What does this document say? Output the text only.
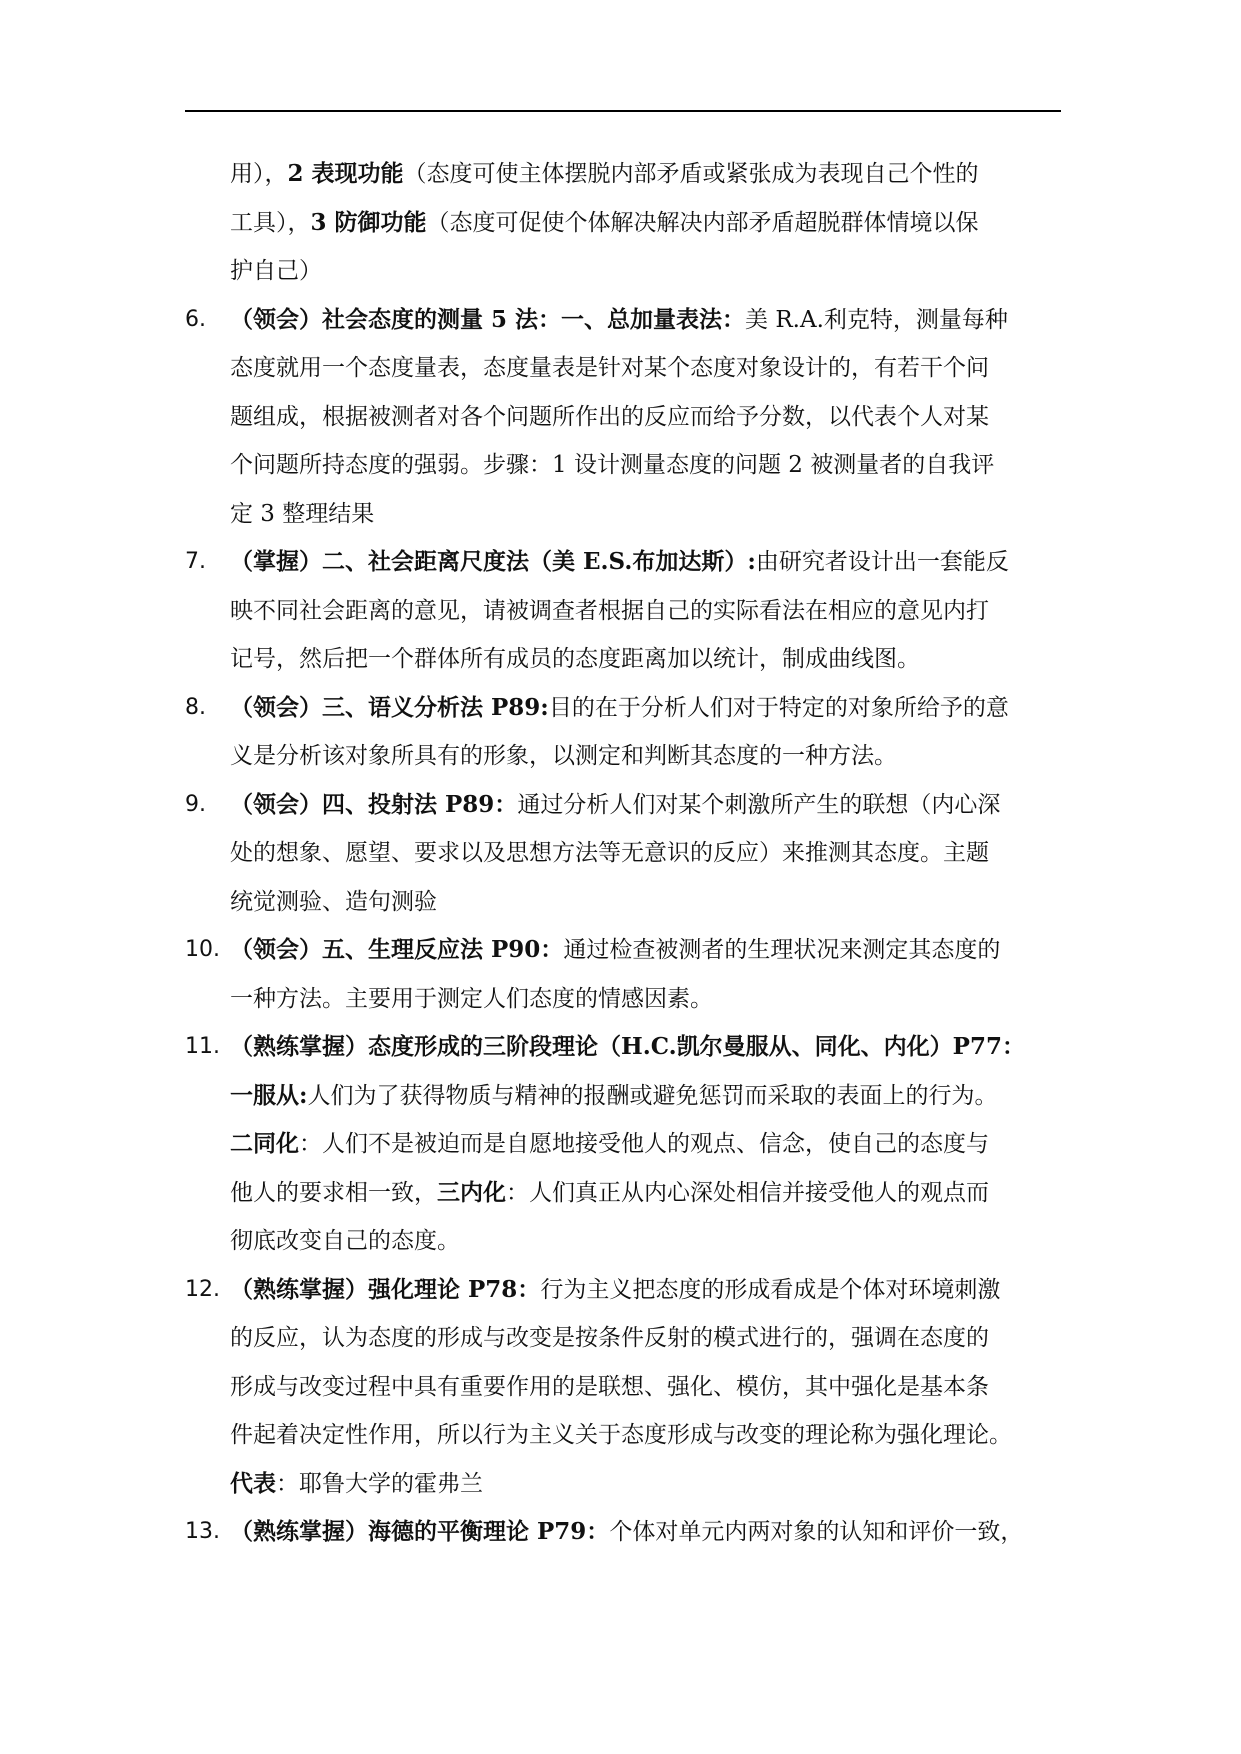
用），2 表现功能（态度可使主体摆脱内部矛盾或紧张成为表现自己个性的
工具），3 防御功能（态度可促使个体解决解决内部矛盾超脱群体情境以保
护自己）
6. （领会）社会态度的测量 5 法：一、总加量表法：美 R.A.利克特，测量每种
态度就用一个态度量表，态度量表是针对某个态度对象设计的，有若干个问
题组成，根据被测者对各个问题所作出的反应而给予分数，以代表个人对某
个问题所持态度的强弱。步骤：1 设计测量态度的问题 2 被测量者的自我评
定 3 整理结果
7. （掌握）二、社会距离尺度法（美 E.S.布加达斯）:由研究者设计出一套能反
映不同社会距离的意见，请被调查者根据自己的实际看法在相应的意见内打
记号，然后把一个群体所有成员的态度距离加以统计，制成曲线图。
8. （领会）三、语义分析法 P89:目的在于分析人们对于特定的对象所给予的意
义是分析该对象所具有的形象，以测定和判断其态度的一种方法。
9. （领会）四、投射法 P89：通过分析人们对某个刺激所产生的联想（内心深
处的想象、愿望、要求以及思想方法等无意识的反应）来推测其态度。主题
统觉测验、造句测验
10. （领会）五、生理反应法 P90：通过检查被测者的生理状况来测定其态度的
一种方法。主要用于测定人们态度的情感因素。
11. （熟练掌握）态度形成的三阶段理论（H.C.凯尔曼服从、同化、内化）P77：
一服从:人们为了获得物质与精神的报酬或避免惩罚而采取的表面上的行为。
二同化：人们不是被迫而是自愿地接受他人的观点、信念，使自己的态度与
他人的要求相一致，三内化：人们真正从内心深处相信并接受他人的观点而
彻底改变自己的态度。
12. （熟练掌握）强化理论 P78：行为主义把态度的形成看成是个体对环境刺激
的反应，认为态度的形成与改变是按条件反射的模式进行的，强调在态度的
形成与改变过程中具有重要作用的是联想、强化、模仿，其中强化是基本条
件起着决定性作用，所以行为主义关于态度形成与改变的理论称为强化理论。
代表：耶鲁大学的霍弗兰
13. （熟练掌握）海德的平衡理论 P79：个体对单元内两对象的认知和评价一致，
